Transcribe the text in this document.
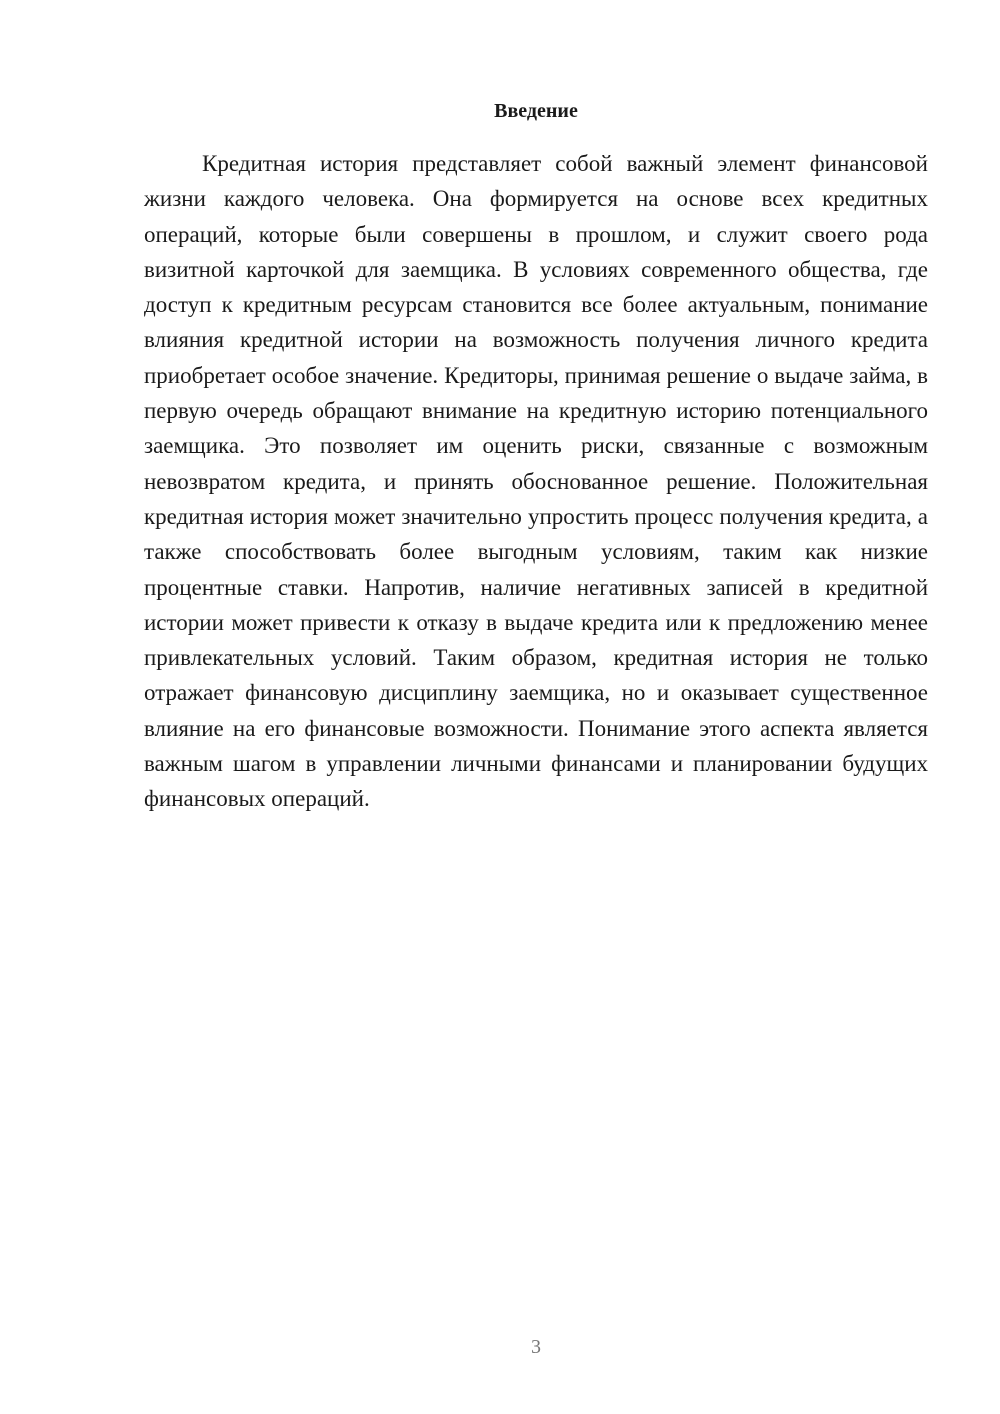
Введение

Кредитная история представляет собой важный элемент финансовой жизни каждого человека. Она формируется на основе всех кредитных операций, которые были совершены в прошлом, и служит своего рода визитной карточкой для заемщика. В условиях современного общества, где доступ к кредитным ресурсам становится все более актуальным, понимание влияния кредитной истории на возможность получения личного кредита приобретает особое значение. Кредиторы, принимая решение о выдаче займа, в первую очередь обращают внимание на кредитную историю потенциального заемщика. Это позволяет им оценить риски, связанные с возможным невозвратом кредита, и принять обоснованное решение. Положительная кредитная история может значительно упростить процесс получения кредита, а также способствовать более выгодным условиям, таким как низкие процентные ставки. Напротив, наличие негативных записей в кредитной истории может привести к отказу в выдаче кредита или к предложению менее привлекательных условий. Таким образом, кредитная история не только отражает финансовую дисциплину заемщика, но и оказывает существенное влияние на его финансовые возможности. Понимание этого аспекта является важным шагом в управлении личными финансами и планировании будущих финансовых операций.

3
